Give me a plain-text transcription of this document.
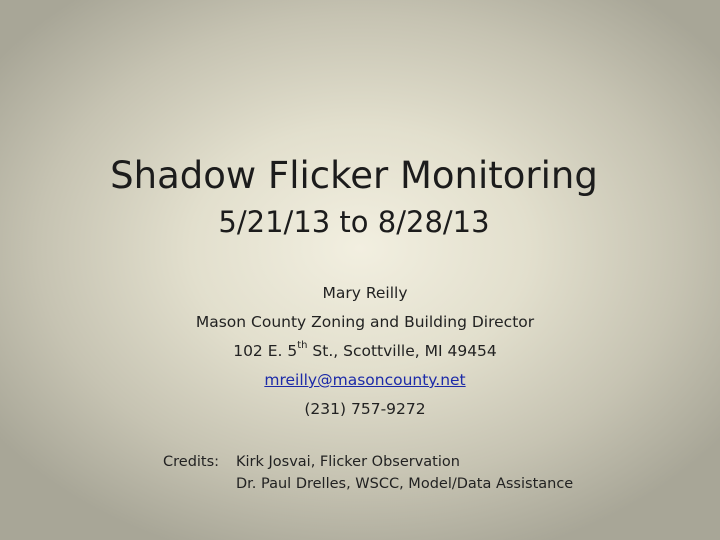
Shadow Flicker Monitoring
5/21/13 to 8/28/13
Mary Reilly
Mason County Zoning and Building Director
102 E. 5th St., Scottville, MI 49454
mreilly@masoncounty.net
(231) 757-9272
Credits: Kirk Josvai, Flicker Observation
Dr. Paul Drelles, WSCC, Model/Data Assistance
